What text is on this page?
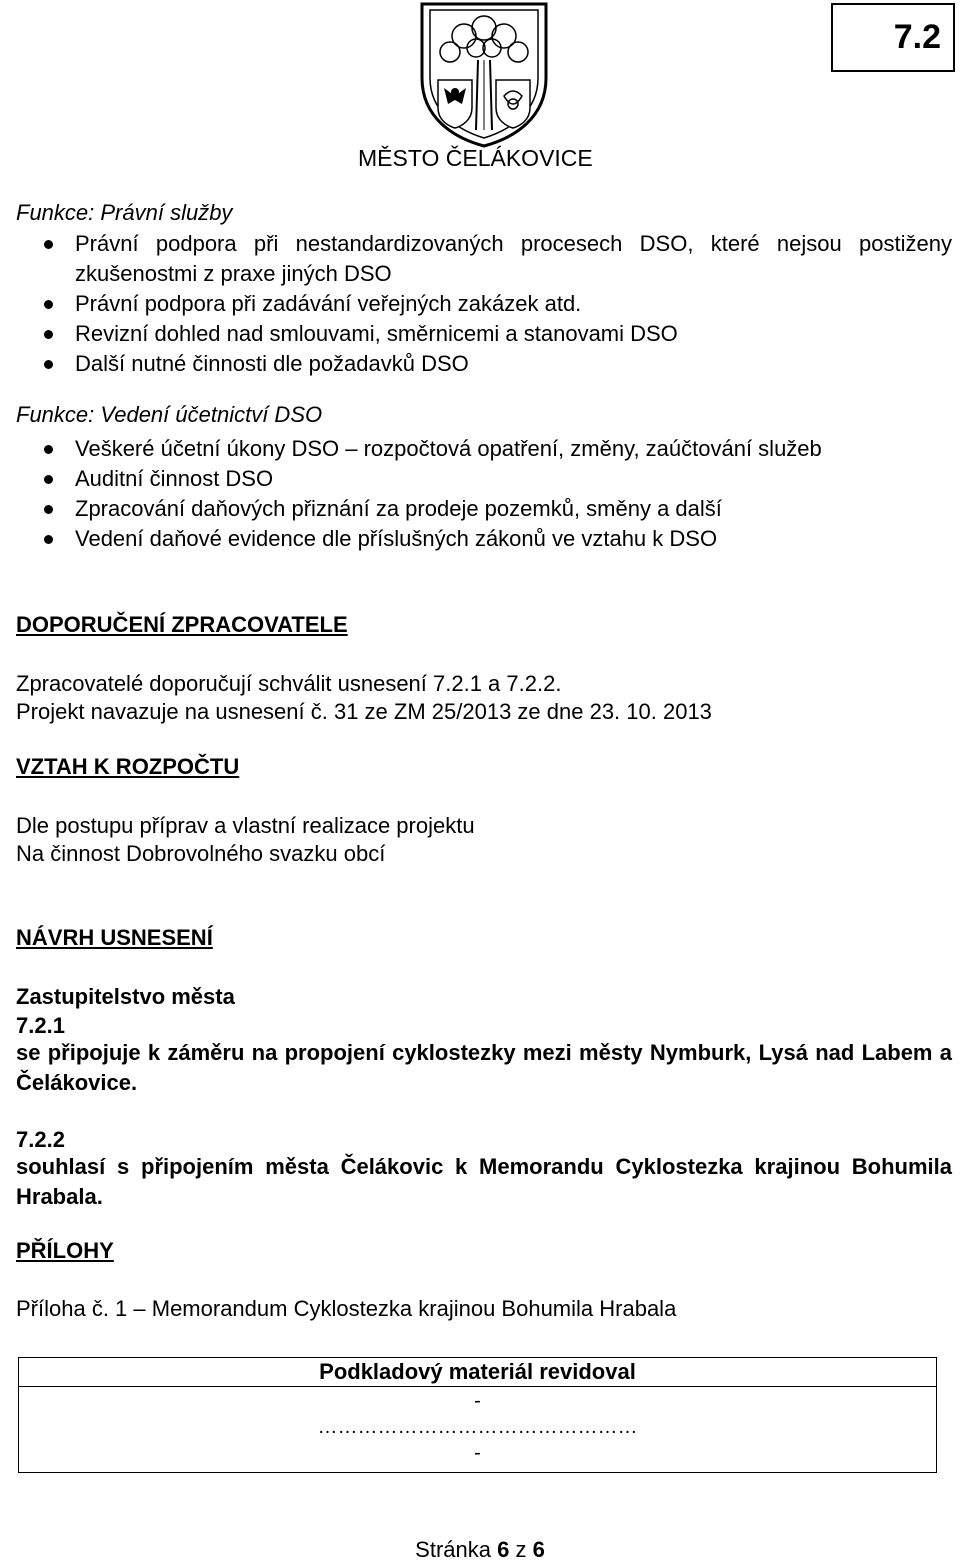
7.2
MĚSTO ČELÁKOVICE
Funkce: Právní služby
Právní podpora při nestandardizovaných procesech DSO, které nejsou postiženy zkušenostmi z praxe jiných DSO
Právní podpora při zadávání veřejných zakázek atd.
Revizní dohled nad smlouvami, směrnicemi a stanovami DSO
Další nutné činnosti dle požadavků DSO
Funkce: Vedení účetnictví DSO
Veškeré účetní úkony DSO – rozpočtová opatření, změny, zaúčtování služeb
Auditní činnost DSO
Zpracování daňových přiznání za prodeje pozemků, směny a další
Vedení daňové evidence dle příslušných zákonů ve vztahu k DSO
DOPORUČENÍ ZPRACOVATELE
Zpracovatelé doporučují schválit usnesení 7.2.1 a 7.2.2.
Projekt navazuje na usnesení č. 31 ze ZM 25/2013 ze dne 23. 10. 2013
VZTAH K ROZPOČTU
Dle postupu příprav a vlastní realizace projektu
Na činnost Dobrovolného svazku obcí
NÁVRH USNESENÍ
Zastupitelstvo města
7.2.1
se připojuje k záměru na propojení cyklostezky mezi městy Nymburk, Lysá nad Labem a Čelákovice.
7.2.2
souhlasí s připojením města Čelákovic k Memorandu Cyklostezka krajinou Bohumila Hrabala.
PŘÍLOHY
Příloha č. 1 – Memorandum Cyklostezka krajinou Bohumila Hrabala
Podkladový materiál revidoval
-
…………………………………………
-
Stránka 6 z 6
